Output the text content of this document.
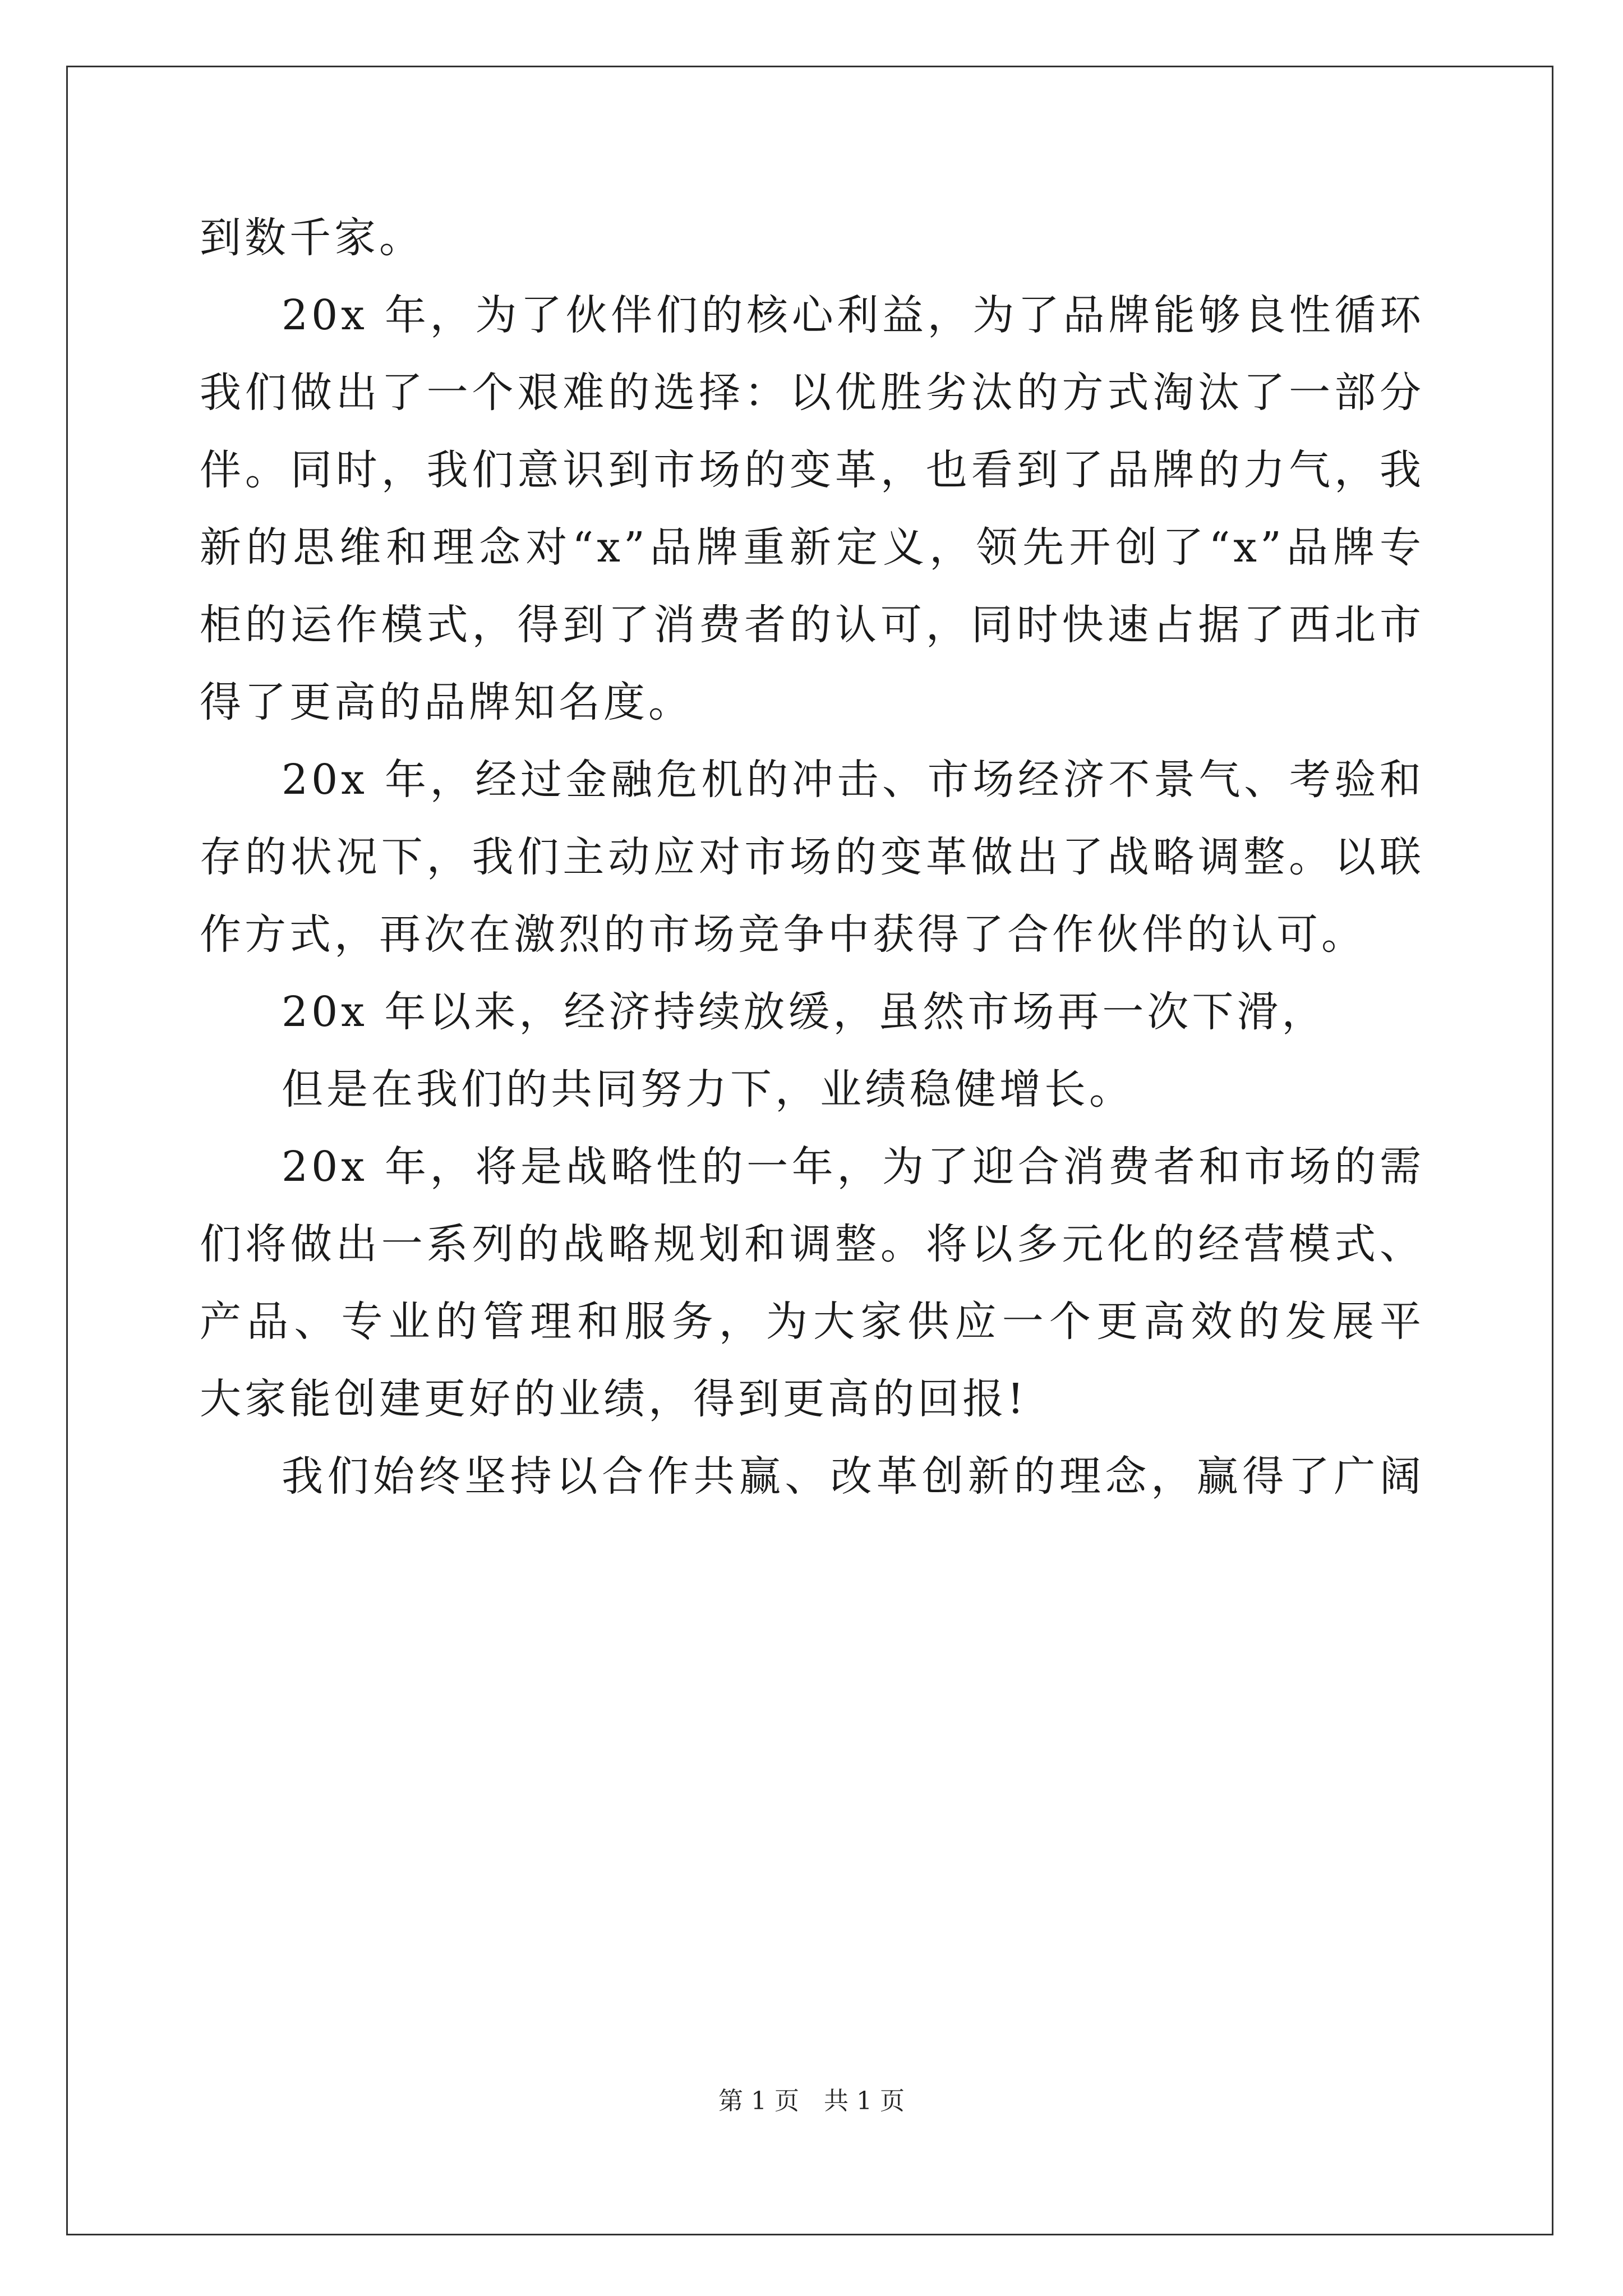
到数千家。
20x 年，为了伙伴们的核心利益，为了品牌能够良性循环
我们做出了一个艰难的选择：以优胜劣汰的方式淘汰了一部分
伴。同时，我们意识到市场的变革，也看到了品牌的力气，我
新的思维和理念对“x”品牌重新定义，领先开创了“x”品牌专
柜的运作模式，得到了消费者的认可，同时快速占据了西北市
得了更高的品牌知名度。
20x 年，经过金融危机的冲击、市场经济不景气、考验和
存的状况下，我们主动应对市场的变革做出了战略调整。以联
作方式，再次在激烈的市场竞争中获得了合作伙伴的认可。
20x 年以来，经济持续放缓，虽然市场再一次下滑，
但是在我们的共同努力下，业绩稳健增长。
20x 年，将是战略性的一年，为了迎合消费者和市场的需
们将做出一系列的战略规划和调整。将以多元化的经营模式、
产品、专业的管理和服务，为大家供应一个更高效的发展平
大家能创建更好的业绩，得到更高的回报!
我们始终坚持以合作共赢、改革创新的理念，赢得了广阔
第 1 页　共 1 页
